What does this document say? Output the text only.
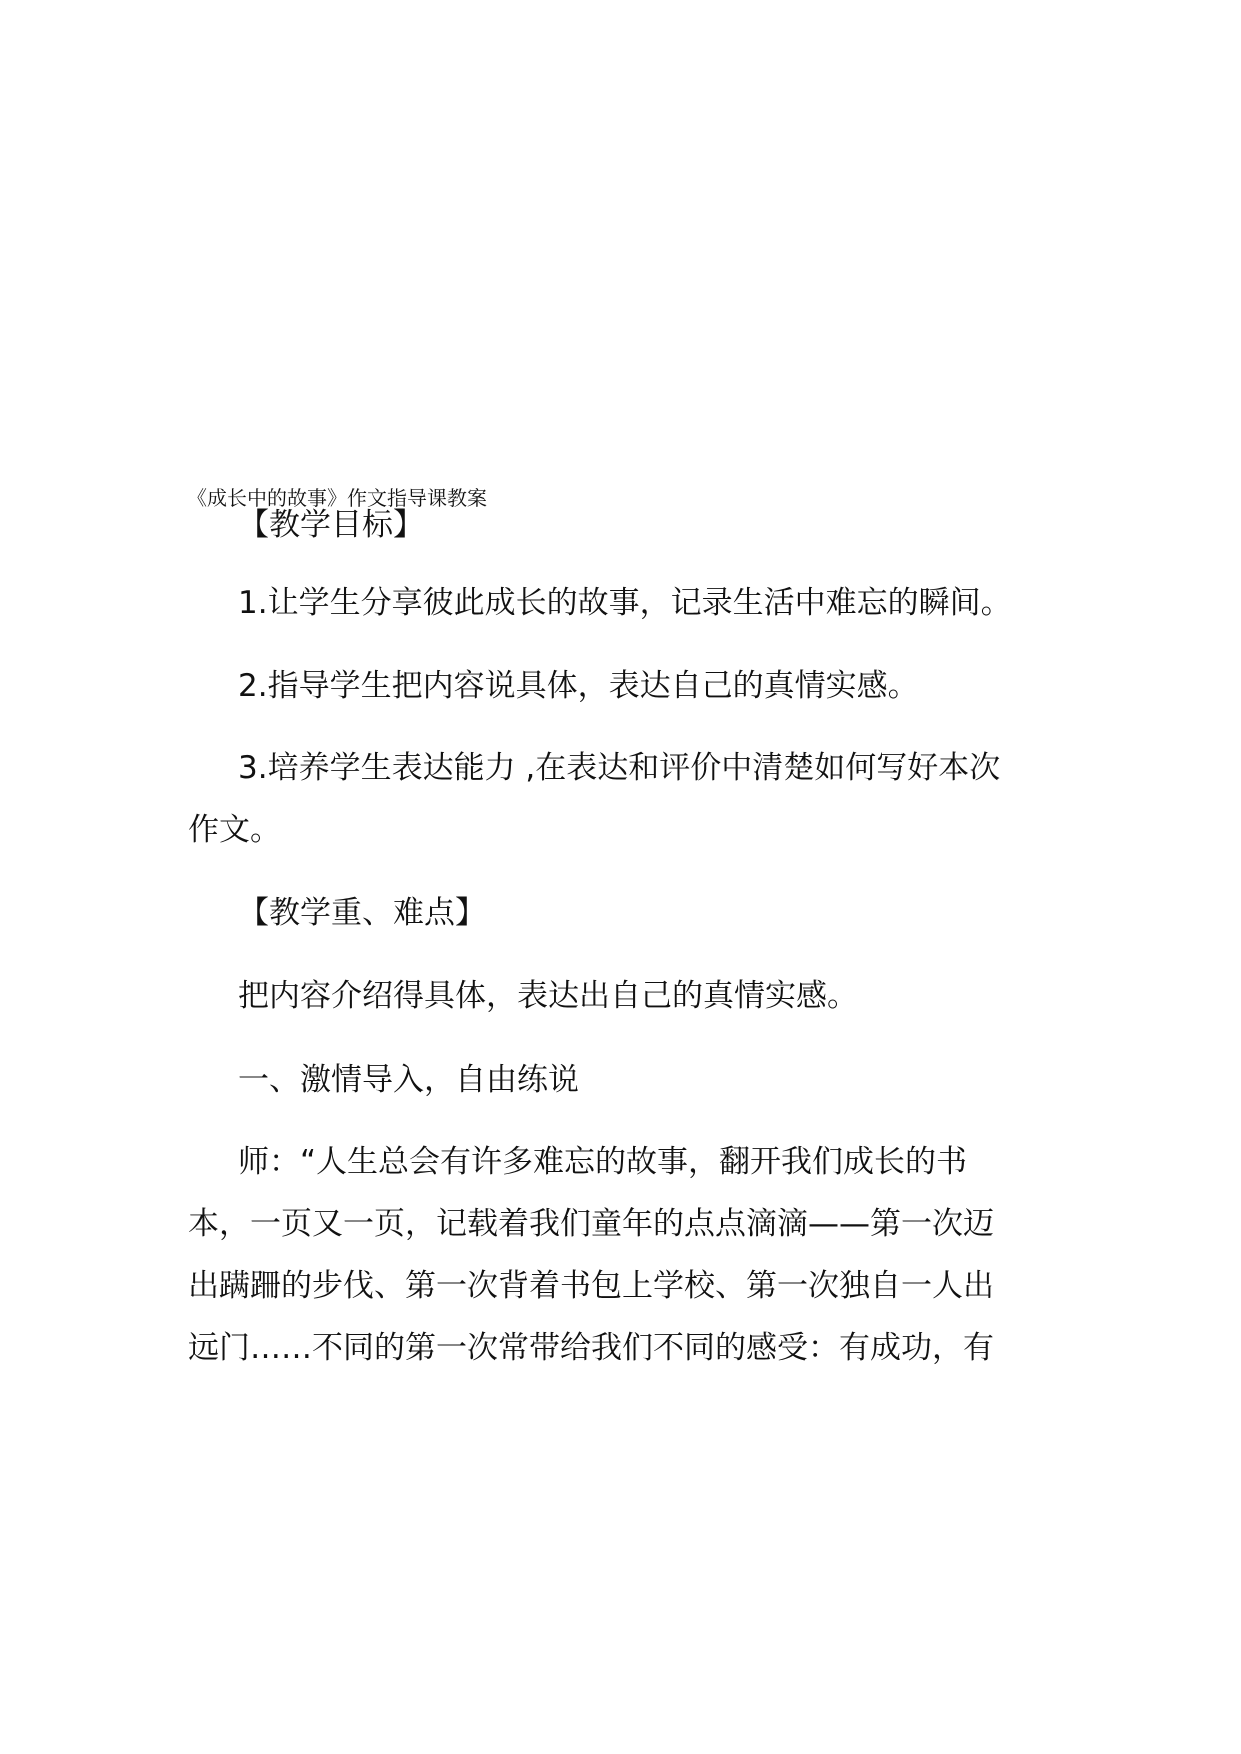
《成长中的故事》作文指导课教案
【教学目标】
1.让学生分享彼此成长的故事，记录生活中难忘的瞬间。
2.指导学生把内容说具体，表达自己的真情实感。
3.培养学生表达能力 ,在表达和评价中清楚如何写好本次
作文。
【教学重、难点】
把内容介绍得具体，表达出自己的真情实感。
一、激情导入，自由练说
师：“人生总会有许多难忘的故事，翻开我们成长的书
本，一页又一页，记载着我们童年的点点滴滴——第一次迈
出蹒跚的步伐、第一次背着书包上学校、第一次独自一人出
远门……不同的第一次常带给我们不同的感受：有成功，有
